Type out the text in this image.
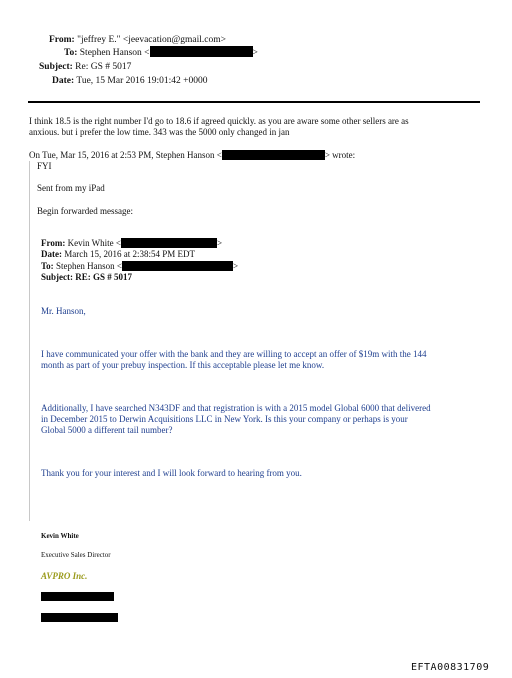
From: "jeffrey E." <jeevacation@gmail.com>
To: Stephen Hanson <	>
Subject: Re: GS # 5017
Date: Tue, 15 Mar 2016 19:01:42 +0000
I think 18.5 is the right number I'd go to 18.6 if agreed quickly. as you are aware some other sellers are as
anxious. but i prefer the low time. 343 was the 5000 only changed in jan
On Tue, Mar 15, 2016 at 2:53 PM, Stephen Hanson <	> wrote:
FYI
Sent from my iPad
Begin forwarded message:
From: Kevin White <	>
Date: March 15, 2016 at 2:38:54 PM EDT
To: Stephen Hanson <	>
Subject: RE: GS # 5017
Mr. Hanson,
I have communicated your offer with the bank and they are willing to accept an offer of $19m with the 144
month as part of your prebuy inspection. If this acceptable please let me know.
Additionally, I have searched N343DF and that registration is with a 2015 model Global 6000 that delivered
in December 2015 to Derwin Acquisitions LLC in New York. Is this your company or perhaps is your
Global 5000 a different tail number?
Thank you for your interest and I will look forward to hearing from you.
Kevin White
Executive Sales Director
AVPRO Inc.
EFTA00831709
